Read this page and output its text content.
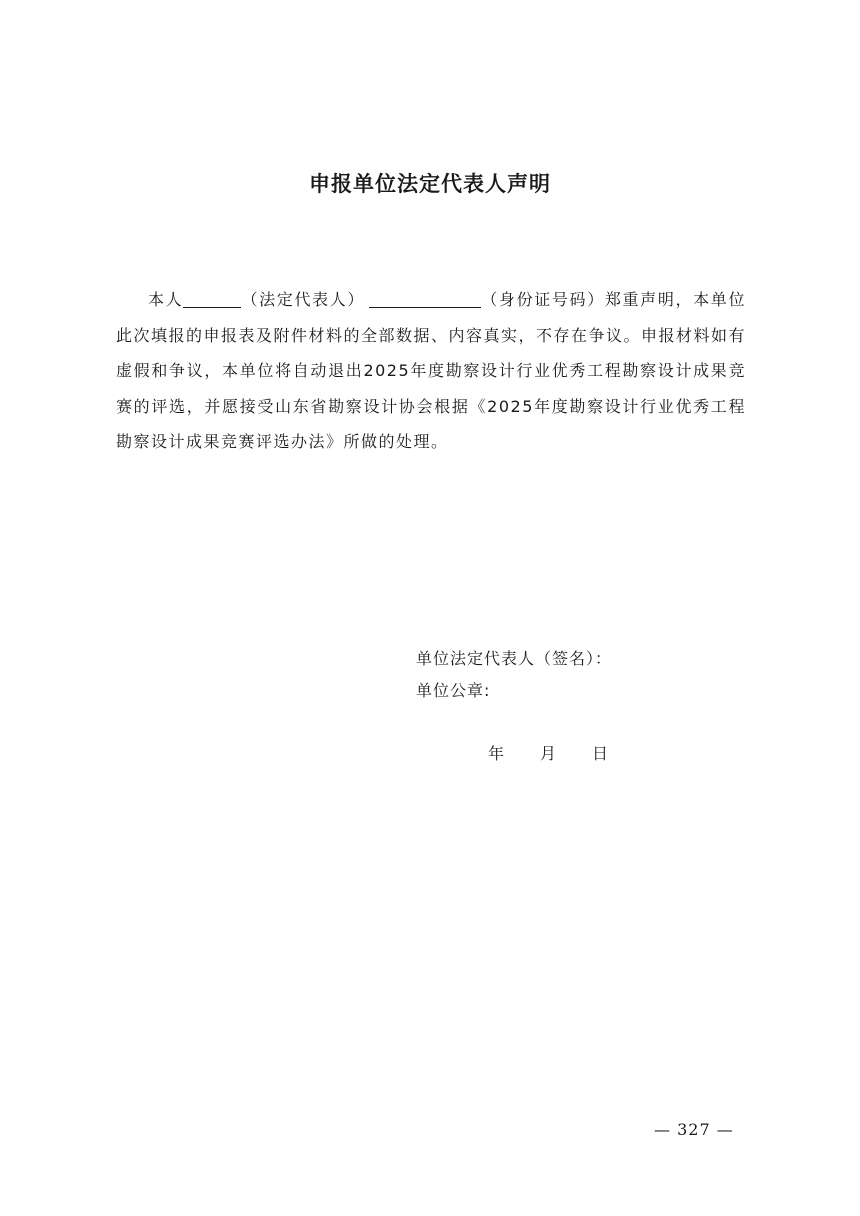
申报单位法定代表人声明

本人	（法定代表人）	（身份证号码）郑重声明，本单位此次填报的申报表及附件材料的全部数据、内容真实，不存在争议。申报材料如有虚假和争议，本单位将自动退出2025年度勘察设计行业优秀工程勘察设计成果竞赛的评选，并愿接受山东省勘察设计协会根据《2025年度勘察设计行业优秀工程勘察设计成果竞赛评选办法》所做的处理。

单位法定代表人（签名）：
单位公章:
年 月 日
— 327 —
